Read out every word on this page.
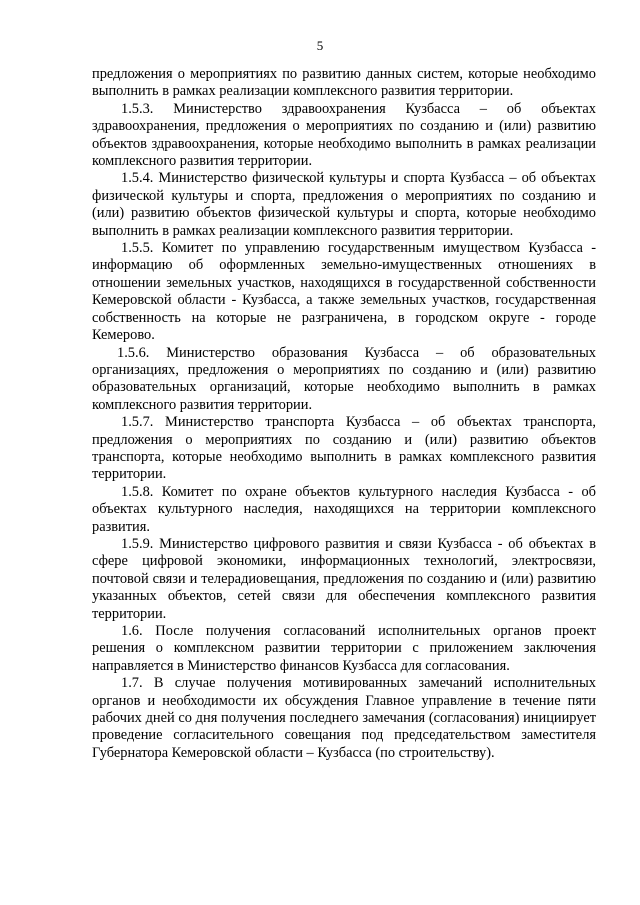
5

предложения о мероприятиях по развитию данных систем, которые необходимо выполнить в рамках реализации комплексного развития территории.

1.5.3. Министерство здравоохранения Кузбасса – об объектах здравоохранения, предложения о мероприятиях по созданию и (или) развитию объектов здравоохранения, которые необходимо выполнить в рамках реализации комплексного развития территории.

1.5.4. Министерство физической культуры и спорта Кузбасса – об объектах физической культуры и спорта, предложения о мероприятиях по созданию и (или) развитию объектов физической культуры и спорта, которые необходимо выполнить в рамках реализации комплексного развития территории.

1.5.5. Комитет по управлению государственным имуществом Кузбасса - информацию об оформленных земельно-имущественных отношениях в отношении земельных участков, находящихся в государственной собственности Кемеровской области - Кузбасса, а также земельных участков, государственная собственность на которые не разграничена, в городском округе - городе Кемерово.

1.5.6. Министерство образования Кузбасса – об образовательных организациях, предложения о мероприятиях по созданию и (или) развитию образовательных организаций, которые необходимо выполнить в рамках комплексного развития территории.

1.5.7. Министерство транспорта Кузбасса – об объектах транспорта, предложения о мероприятиях по созданию и (или) развитию объектов транспорта, которые необходимо выполнить в рамках комплексного развития территории.

1.5.8. Комитет по охране объектов культурного наследия Кузбасса - об объектах культурного наследия, находящихся на территории комплексного развития.

1.5.9. Министерство цифрового развития и связи Кузбасса - об объектах в сфере цифровой экономики, информационных технологий, электросвязи, почтовой связи и телерадиовещания, предложения по созданию и (или) развитию указанных объектов, сетей связи для обеспечения комплексного развития территории.

1.6. После получения согласований исполнительных органов проект решения о комплексном развитии территории с приложением заключения направляется в Министерство финансов Кузбасса для согласования.

1.7. В случае получения мотивированных замечаний исполнительных органов и необходимости их обсуждения Главное управление в течение пяти рабочих дней со дня получения последнего замечания (согласования) инициирует проведение согласительного совещания под председательством заместителя Губернатора Кемеровской области – Кузбасса (по строительству).
